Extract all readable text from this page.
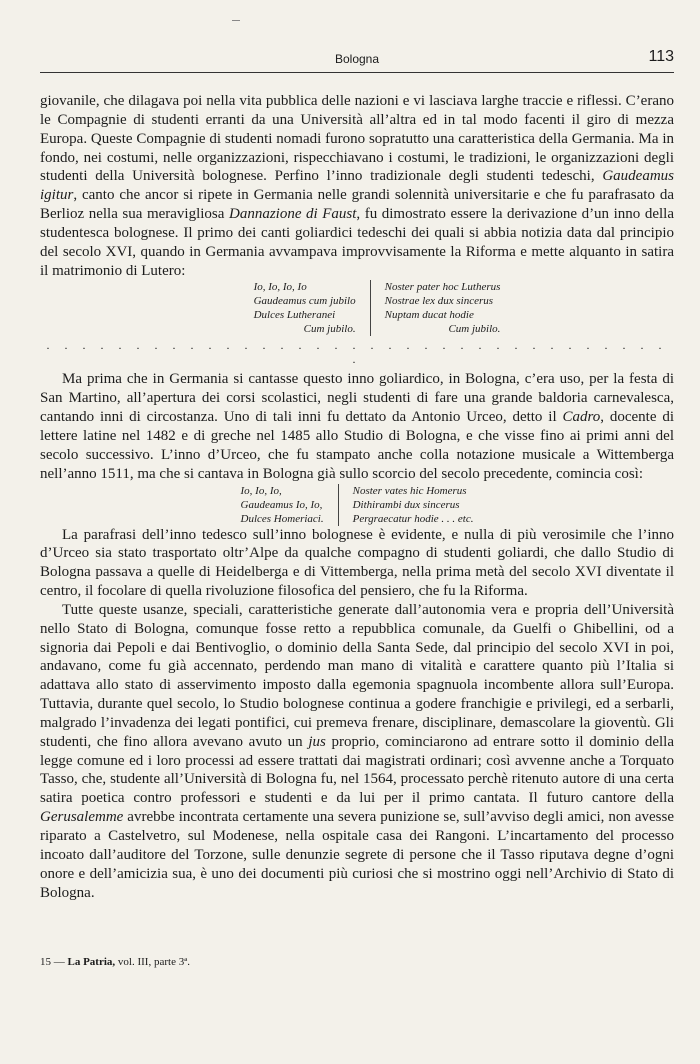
Bologna	113

giovanile, che dilagava poi nella vita pubblica delle nazioni e vi lasciava larghe traccie e riflessi. C’erano le Compagnie di studenti erranti da una Università all’altra ed in tal modo facenti il giro di mezza Europa. Queste Compagnie di studenti nomadi furono sopratutto una caratteristica della Germania. Ma in fondo, nei costumi, nelle organizzazioni, rispecchiavano i costumi, le tradizioni, le organizzazioni degli studenti della Università bolognese. Perfino l’inno tradizionale degli studenti tedeschi, Gaudeamus igitur, canto che ancor si ripete in Germania nelle grandi solennità universitarie e che fu parafrasato da Berlioz nella sua meravigliosa Dannazione di Faust, fu dimostrato essere la derivazione d’un inno della studentesca bolognese. Il primo dei canti goliardici tedeschi dei quali si abbia notizia data dal principio del secolo XVI, quando in Germania avvampava improvvisamente la Riforma e mette alquanto in satira il matrimonio di Lutero:

Io, Io, Io, Io
Gaudeamus cum jubilo
Dulces Lutheranei
Cum jubilo.
Noster pater hoc Lutherus
Nostrae lex dux sincerus
Nuptam ducat hodie
Cum jubilo.
. . . . . . . . . . . . . . . . . . . . . . . . . . . . . . . . . . . .

Ma prima che in Germania si cantasse questo inno goliardico, in Bologna, c’era uso, per la festa di San Martino, all’apertura dei corsi scolastici, negli studenti di fare una grande baldoria carnevalesca, cantando inni di circostanza. Uno di tali inni fu dettato da Antonio Urceo, detto il Cadro, docente di lettere latine nel 1482 e di greche nel 1485 allo Studio di Bologna, e che visse fino ai primi anni del secolo successivo. L’inno d’Urceo, che fu stampato anche colla notazione musicale a Wittemberga nell’anno 1511, ma che si cantava in Bologna già sullo scorcio del secolo precedente, comincia così:

Io, Io, Io,
Gaudeamus Io, Io,
Dulces Homeriaci.
Noster vates hic Homerus
Dithirambi dux sincerus
Pergraecatur hodie . . . etc.

La parafrasi dell’inno tedesco sull’inno bolognese è evidente, e nulla di più verosimile che l’inno d’Urceo sia stato trasportato oltr’Alpe da qualche compagno di studenti goliardi, che dallo Studio di Bologna passava a quelle di Heidelberga e di Vittemberga, nella prima metà del secolo XVI diventate il centro, il focolare di quella rivoluzione filosofica del pensiero, che fu la Riforma.

Tutte queste usanze, speciali, caratteristiche generate dall’autonomia vera e propria dell’Università nello Stato di Bologna, comunque fosse retto a repubblica comunale, da Guelfi o Ghibellini, od a signoria dai Pepoli e dai Bentivoglio, o dominio della Santa Sede, dal principio del secolo XVI in poi, andavano, come fu già accennato, perdendo man mano di vitalità e carattere quanto più l’Italia si adattava allo stato di asservimento imposto dalla egemonia spagnuola incombente allora sull’Europa. Tuttavia, durante quel secolo, lo Studio bolognese continua a godere franchigie e privilegi, ed a serbarli, malgrado l’invadenza dei legati pontifici, cui premeva frenare, disciplinare, demascolare la gioventù. Gli studenti, che fino allora avevano avuto un jus proprio, cominciarono ad entrare sotto il dominio della legge comune ed i loro processi ad essere trattati dai magistrati ordinari; così avvenne anche a Torquato Tasso, che, studente all’Università di Bologna fu, nel 1564, processato perchè ritenuto autore di una certa satira poetica contro professori e studenti e da lui per il primo cantata. Il futuro cantore della Gerusalemme avrebbe incontrata certamente una severa punizione se, sull’avviso degli amici, non avesse riparato a Castelvetro, sul Modenese, nella ospitale casa dei Rangoni. L’incartamento del processo incoato dall’auditore del Torzone, sulle denunzie segrete di persone che il Tasso riputava degne d’ogni onore e dell’amicizia sua, è uno dei documenti più curiosi che si mostrino oggi nell’Archivio di Stato di Bologna.

15 — La Patria, vol. III, parte 3ª.
